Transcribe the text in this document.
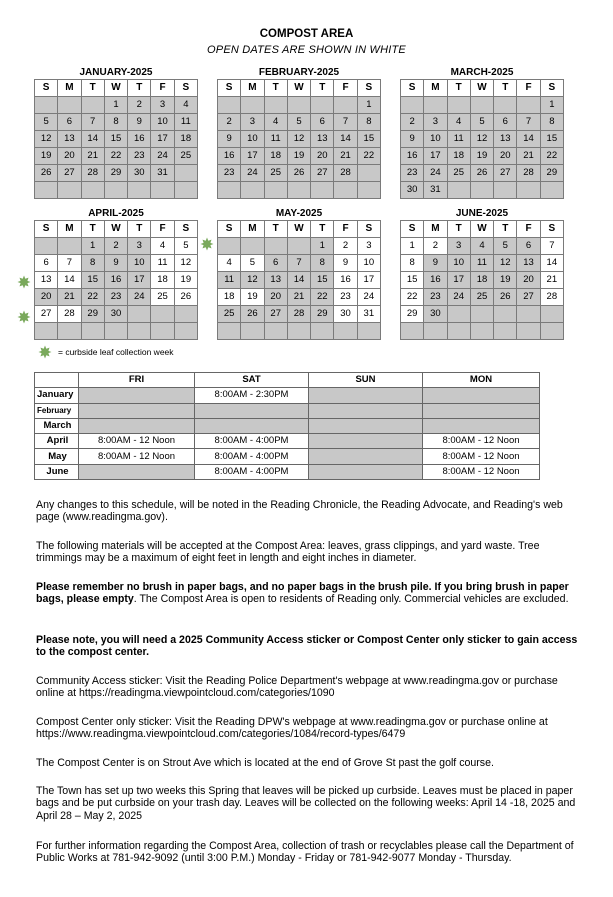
COMPOST AREA
OPEN DATES ARE SHOWN IN WHITE
JANUARY-2025
S	M	T	W	T	F	S
			1	2	3	4
5	6	7	8	9	10	11
12	13	14	15	16	17	18
19	20	21	22	23	24	25
26	27	28	29	30	31	

FEBRUARY-2025
S	M	T	W	T	F	S
						1
2	3	4	5	6	7	8
9	10	11	12	13	14	15
16	17	18	19	20	21	22
23	24	25	26	27	28	

MARCH-2025
S	M	T	W	T	F	S
						1
2	3	4	5	6	7	8
9	10	11	12	13	14	15
16	17	18	19	20	21	22
23	24	25	26	27	28	29
30	31					
APRIL-2025
S	M	T	W	T	F	S
		1	2	3	4	5
6	7	8	9	10	11	12
13	14	15	16	17	18	19
20	21	22	23	24	25	26
27	28	29	30			

MAY-2025
S	M	T	W	T	F	S
				1	2	3
4	5	6	7	8	9	10
11	12	13	14	15	16	17
18	19	20	21	22	23	24
25	26	27	28	29	30	31

JUNE-2025
S	M	T	W	T	F	S
1	2	3	4	5	6	7
8	9	10	11	12	13	14
15	16	17	18	19	20	21
22	23	24	25	26	27	28
29	30					

= curbside leaf collection week
	FRI	SAT	SUN	MON
January		8:00AM - 2:30PM		
February				
March				
April	8:00AM - 12 Noon	8:00AM - 4:00PM		8:00AM - 12 Noon
May	8:00AM - 12 Noon	8:00AM - 4:00PM		8:00AM - 12 Noon
June		8:00AM - 4:00PM		8:00AM - 12 Noon

Any changes to this schedule, will be noted in the Reading Chronicle, the Reading Advocate, and Reading's web page (www.readingma.gov).

The following materials will be accepted at the Compost Area: leaves, grass clippings, and yard waste. Tree trimmings may be a maximum of eight feet in length and eight inches in diameter.

Please remember no brush in paper bags, and no paper bags in the brush pile. If you bring brush in paper bags, please empty. The Compost Area is open to residents of Reading only. Commercial vehicles are excluded.

Please note, you will need a 2025 Community Access sticker or Compost Center only sticker to gain access to the compost center.

Community Access sticker: Visit the Reading Police Department's webpage at www.readingma.gov or purchase online at https://readingma.viewpointcloud.com/categories/1090

Compost Center only sticker: Visit the Reading DPW's webpage at www.readingma.gov or purchase online at https://www.readingma.viewpointcloud.com/categories/1084/record-types/6479

The Compost Center is on Strout Ave which is located at the end of Grove St past the golf course.

The Town has set up two weeks this Spring that leaves will be picked up curbside. Leaves must be placed in paper bags and be put curbside on your trash day. Leaves will be collected on the following weeks: April 14 -18, 2025 and April 28 – May 2, 2025

For further information regarding the Compost Area, collection of trash or recyclables please call the Department of Public Works at 781-942-9092 (until 3:00 P.M.) Monday - Friday or 781-942-9077 Monday - Thursday.
